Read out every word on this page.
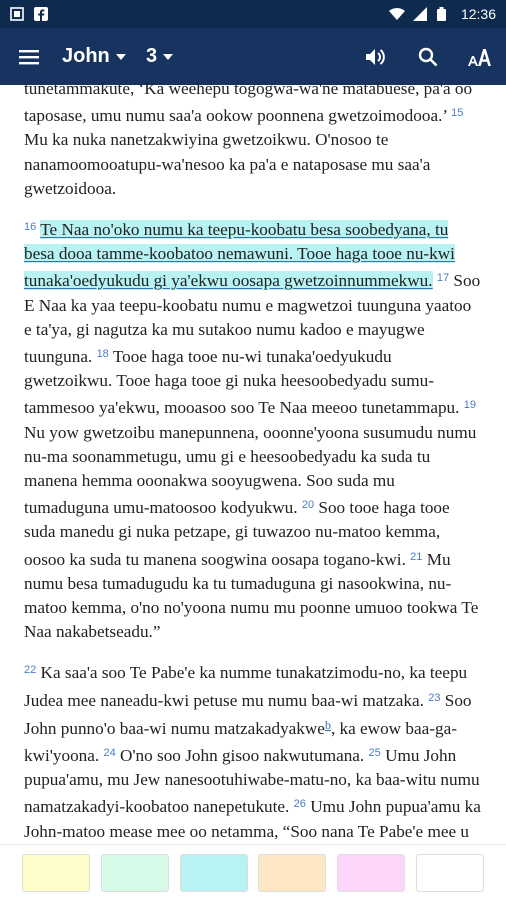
12:36
John 3

tunetammakute, ‘Ka weehepu togogwa-wa'ne matabuese, pa'a oo taposase, umu numu saa'a ookow poonnena gwetzoimodooa.’ $^{15}$ Mu ka nuka nanetzakwiyina gwetzoikwu. O'nosoo te nanamoomooatupu-wa'nesoo ka pa'a e nataposase mu saa'a gwetzoidooa.

$^{16}$ Te Naa no'oko numu ka teepu-koobatu besa soobedyana, tu besa dooa tamme-koobatoo nemawuni. Tooe haga tooe nu-kwi tunaka'oedyukudu gi ya'ekwu oosapa gwetzoinnummekwu. $^{17}$ Soo E Naa ka yaa teepu-koobatu numu e magwetzoi tuunguna yaatoo e ta'ya, gi nagutza ka mu sutakoo numu kadoo e mayugwe tuunguna. $^{18}$ Tooe haga tooe nu-wi tunaka'oedyukudu gwetzoikwu. Tooe haga tooe gi nuka heesoobedyadu sumu-tammesoo ya'ekwu, mooasoo soo Te Naa meeoo tunetammapu. $^{19}$ Nu yow gwetzoibu manepunnena, ooonne'yoona susumudu numu nu-ma soonammetugu, umu gi e heesoobedyadu ka suda tu manena hemma ooonakwa sooyugwena. Soo suda mu tumaduguna umu-matoosoo kodyukwu. $^{20}$ Soo tooe haga tooe suda manedu gi nuka petzape, gi tuwazoo nu-matoo kemma, oosoo ka suda tu manena soogwina oosapa togano-kwi. $^{21}$ Mu numu besa tumadugudu ka tu tumaduguna gi nasookwina, nu-matoo kemma, o'no no'yoona numu mu poonne umuoo tookwa Te Naa nakabetseadu.”

$^{22}$ Ka saa'a soo Te Pabe'e ka numme tunakatzimodu-no, ka teepu Judea mee naneadu-kwi petuse mu numu baa-wi matzaka. $^{23}$ Soo John punno'o baa-wi numu matzakadyakwe$^b$, ka ewow baa-ga-kwi'yoona. $^{24}$ O'no soo John gisoo nakwutumana. $^{25}$ Umu John pupua'amu, mu Jew nanesootuhiwabe-matu-no, ka baa-witu numu namatzakadyi-koobatoo nanepetukute. $^{26}$ Umu John pupua'amu ka John-matoo mease mee oo netamma, “Soo nana Te Pabe'e mee u
